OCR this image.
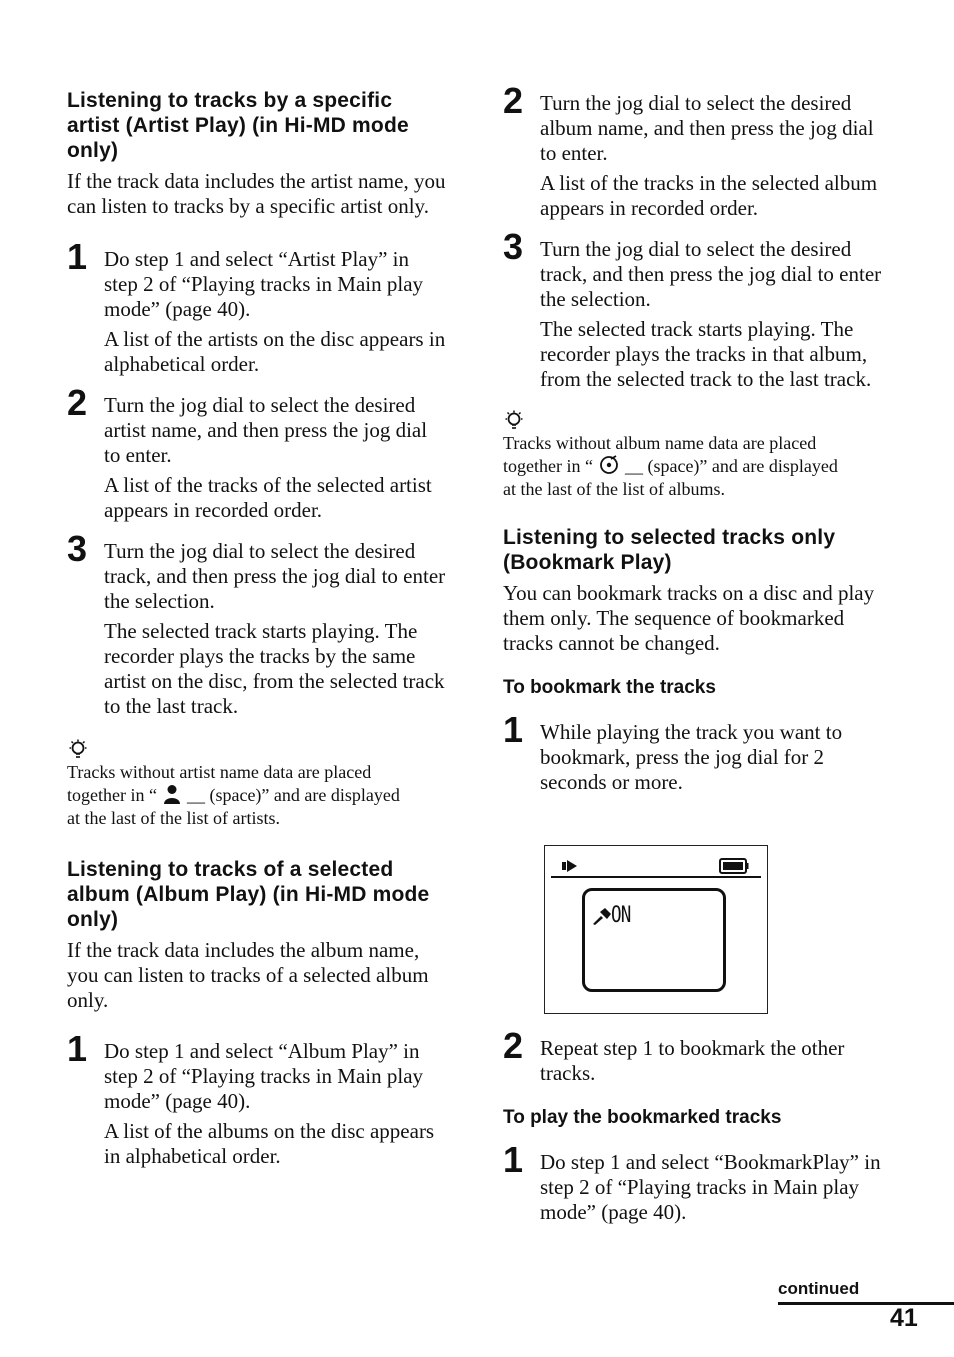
Listening to tracks by a specific artist (Artist Play) (in Hi-MD mode only)

If the track data includes the artist name, you can listen to tracks by a specific artist only.

1 Do step 1 and select “Artist Play” in step 2 of “Playing tracks in Main play mode” (page 40).

A list of the artists on the disc appears in alphabetical order.

2 Turn the jog dial to select the desired artist name, and then press the jog dial to enter.

A list of the tracks of the selected artist appears in recorded order.

3 Turn the jog dial to select the desired track, and then press the jog dial to enter the selection.

The selected track starts playing. The recorder plays the tracks by the same artist on the disc, from the selected track to the last track.

Tracks without artist name data are placed

together in “ __ (space)” and are displayed

at the last of the list of artists.

Listening to tracks of a selected album (Album Play) (in Hi-MD mode only)

If the track data includes the album name, you can listen to tracks of a selected album only.

1 Do step 1 and select “Album Play” in step 2 of “Playing tracks in Main play mode” (page 40).

A list of the albums on the disc appears in alphabetical order.

2 Turn the jog dial to select the desired album name, and then press the jog dial to enter.

A list of the tracks in the selected album appears in recorded order.

3 Turn the jog dial to select the desired track, and then press the jog dial to enter the selection.

The selected track starts playing. The recorder plays the tracks in that album, from the selected track to the last track.

Tracks without album name data are placed

together in “ __ (space)” and are displayed

at the last of the list of albums.

Listening to selected tracks only (Bookmark Play)

You can bookmark tracks on a disc and play them only. The sequence of bookmarked tracks cannot be changed.

To bookmark the tracks
1 While playing the track you want to bookmark, press the jog dial for 2 seconds or more.

ON
2 Repeat step 1 to bookmark the other tracks.

To play the bookmarked tracks
1 Do step 1 and select “BookmarkPlay” in step 2 of “Playing tracks in Main play mode” (page 40).

continued
41
